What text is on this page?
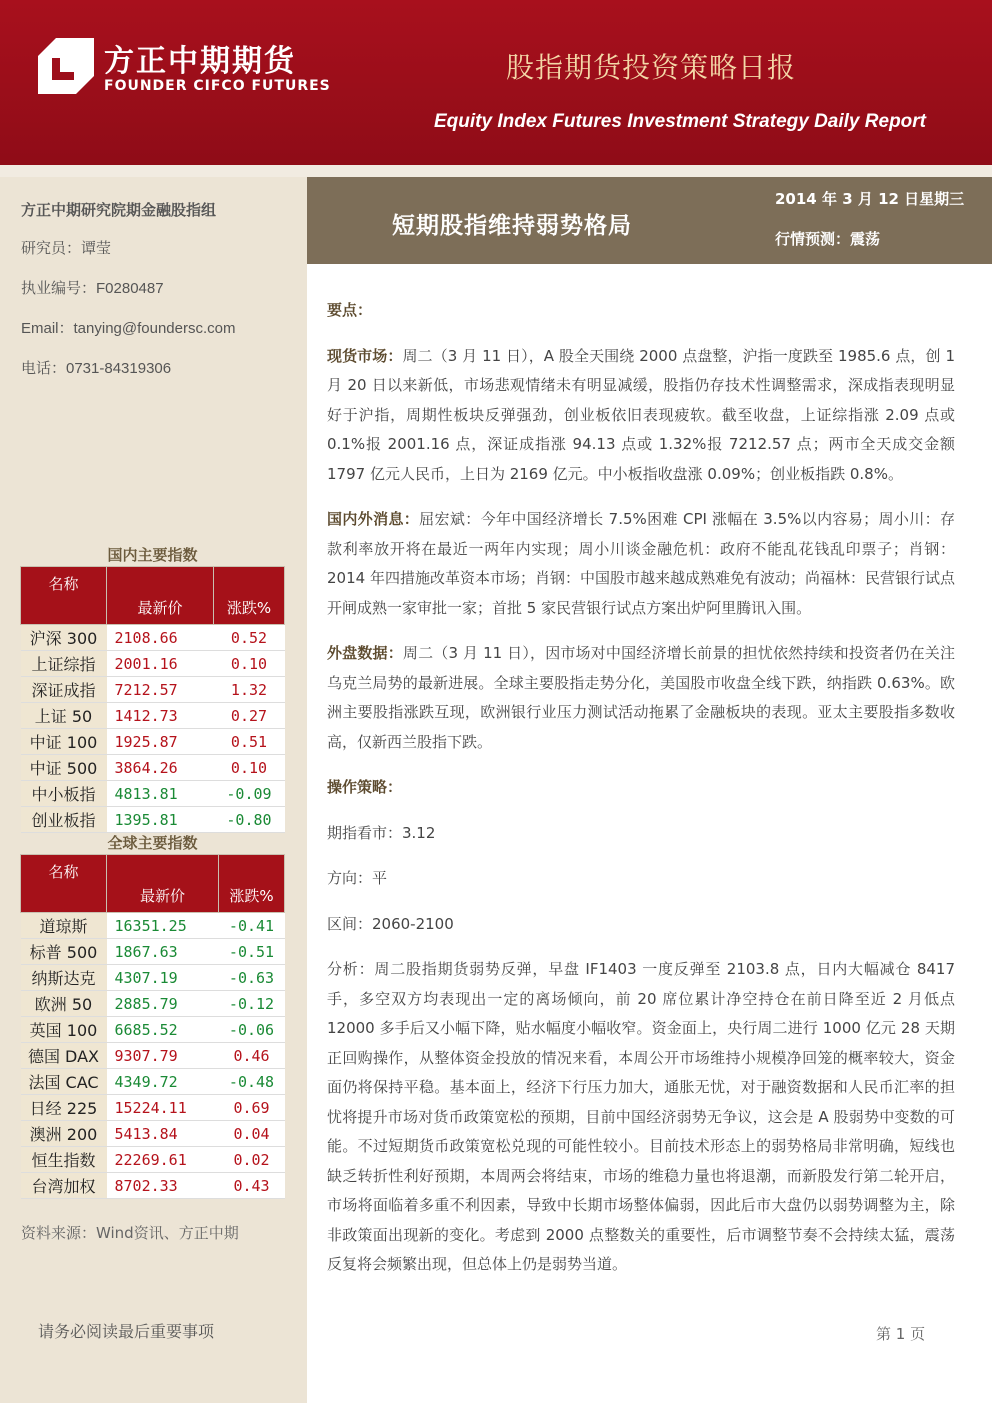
方正中期期货
FOUNDER CIFCO FUTURES
股指期货投资策略日报
Equity Index Futures Investment Strategy Daily Report
方正中期研究院期金融股指组
研究员：谭莹
执业编号：F0280487
Email：tanying@foundersc.com
电话：0731-84319306
国内主要指数
名称	最新价	涨跌%
沪深 300	2108.66	0.52
上证综指	2001.16	0.10
深证成指	7212.57	1.32
上证 50	1412.73	0.27
中证 100	1925.87	0.51
中证 500	3864.26	0.10
中小板指	4813.81	-0.09
创业板指	1395.81	-0.80
全球主要指数
名称	最新价	涨跌%
道琼斯	16351.25	-0.41
标普 500	1867.63	-0.51
纳斯达克	4307.19	-0.63
欧洲 50	2885.79	-0.12
英国 100	6685.52	-0.06
德国 DAX	9307.79	0.46
法国 CAC	4349.72	-0.48
日经 225	15224.11	0.69
澳洲 200	5413.84	0.04
恒生指数	22269.61	0.02
台湾加权	8702.33	0.43
资料来源：Wind资讯、方正中期
请务必阅读最后重要事项
短期股指维持弱势格局
2014 年 3 月 12 日星期三
行情预测：震荡

要点：

现货市场：周二（3 月 11 日），A 股全天围绕 2000 点盘整，沪指一度跌至 1985.6 点，创 1 月 20 日以来新低，市场悲观情绪未有明显减缓，股指仍存技术性调整需求，深成指表现明显好于沪指，周期性板块反弹强劲，创业板依旧表现疲软。截至收盘，上证综指涨 2.09 点或 0.1%报 2001.16 点，深证成指涨 94.13 点或 1.32%报 7212.57 点；两市全天成交金额 1797 亿元人民币，上日为 2169 亿元。中小板指收盘涨 0.09%；创业板指跌 0.8%。

国内外消息：屈宏斌：今年中国经济增长 7.5%困难 CPI 涨幅在 3.5%以内容易；周小川：存款利率放开将在最近一两年内实现；周小川谈金融危机：政府不能乱花钱乱印票子；肖钢：2014 年四措施改革资本市场；肖钢：中国股市越来越成熟难免有波动；尚福林：民营银行试点开闸成熟一家审批一家；首批 5 家民营银行试点方案出炉阿里腾讯入围。

外盘数据：周二（3 月 11 日），因市场对中国经济增长前景的担忧依然持续和投资者仍在关注乌克兰局势的最新进展。全球主要股指走势分化，美国股市收盘全线下跌，纳指跌 0.63%。欧洲主要股指涨跌互现，欧洲银行业压力测试活动拖累了金融板块的表现。亚太主要股指多数收高，仅新西兰股指下跌。

操作策略：

期指看市：3.12

方向：平

区间：2060-2100

分析：周二股指期货弱势反弹，早盘 IF1403 一度反弹至 2103.8 点，日内大幅减仓 8417 手，多空双方均表现出一定的离场倾向，前 20 席位累计净空持仓在前日降至近 2 月低点 12000 多手后又小幅下降，贴水幅度小幅收窄。资金面上，央行周二进行 1000 亿元 28 天期正回购操作，从整体资金投放的情况来看，本周公开市场维持小规模净回笼的概率较大，资金面仍将保持平稳。基本面上，经济下行压力加大，通胀无忧，对于融资数据和人民币汇率的担忧将提升市场对货币政策宽松的预期，目前中国经济弱势无争议，这会是 A 股弱势中变数的可能。不过短期货币政策宽松兑现的可能性较小。目前技术形态上的弱势格局非常明确，短线也缺乏转折性利好预期，本周两会将结束，市场的维稳力量也将退潮，而新股发行第二轮开启，市场将面临着多重不利因素，导致中长期市场整体偏弱，因此后市大盘仍以弱势调整为主，除非政策面出现新的变化。考虑到 2000 点整数关的重要性，后市调整节奏不会持续太猛，震荡反复将会频繁出现，但总体上仍是弱势当道。

第 1 页
